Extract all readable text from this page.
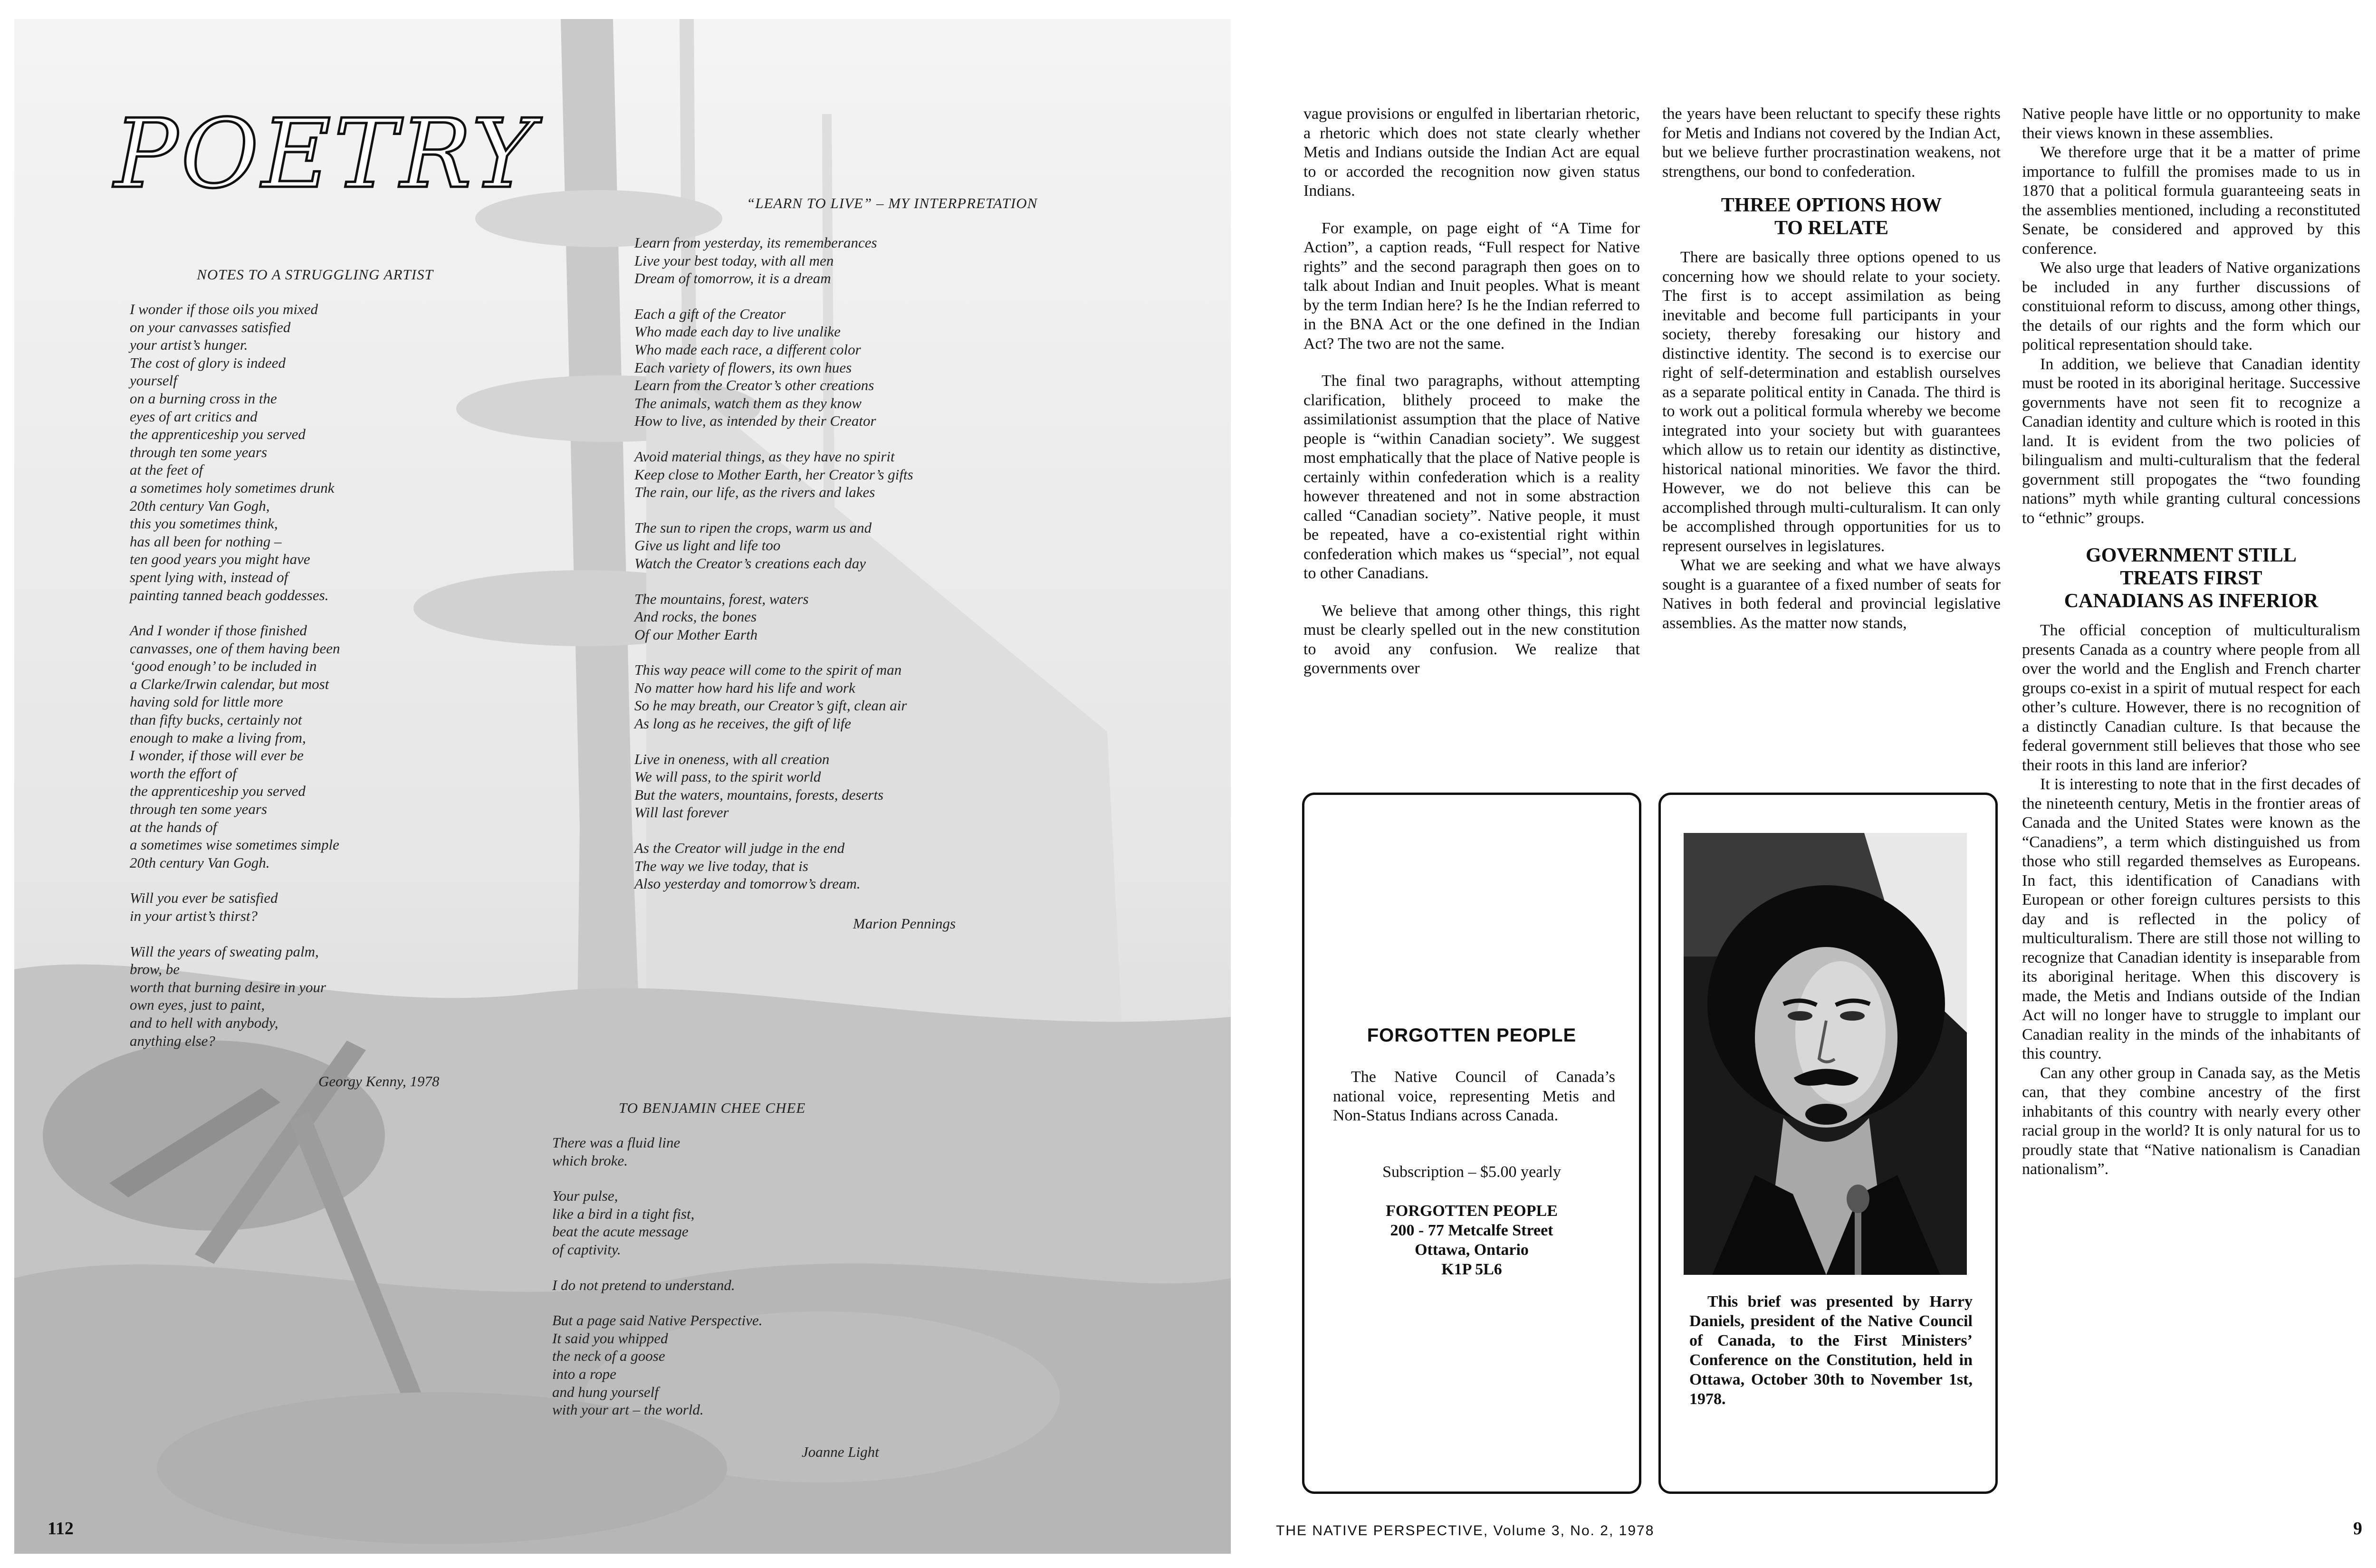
POETRY
NOTES TO A STRUGGLING ARTIST
I wonder if those oils you mixed
on your canvasses satisfied
your artist’s hunger.
The cost of glory is indeed
yourself
on a burning cross in the
eyes of art critics and
the apprenticeship you served
through ten some years
at the feet of
a sometimes holy sometimes drunk
20th century Van Gogh,
this you sometimes think,
has all been for nothing –
ten good years you might have
spent lying with, instead of
painting tanned beach goddesses.
And I wonder if those finished
canvasses, one of them having been
‘good enough’ to be included in
a Clarke/Irwin calendar, but most
having sold for little more
than fifty bucks, certainly not
enough to make a living from,
I wonder, if those will ever be
worth the effort of
the apprenticeship you served
through ten some years
at the hands of
a sometimes wise sometimes simple
20th century Van Gogh.
Will you ever be satisfied
in your artist’s thirst?
Will the years of sweating palm,
brow, be
worth that burning desire in your
own eyes, just to paint,
and to hell with anybody,
anything else?
Georgy Kenny, 1978
“LEARN TO LIVE” – MY INTERPRETATION
Learn from yesterday, its rememberances
Live your best today, with all men
Dream of tomorrow, it is a dream
Each a gift of the Creator
Who made each day to live unalike
Who made each race, a different color
Each variety of flowers, its own hues
Learn from the Creator’s other creations
The animals, watch them as they know
How to live, as intended by their Creator
Avoid material things, as they have no spirit
Keep close to Mother Earth, her Creator’s gifts
The rain, our life, as the rivers and lakes
The sun to ripen the crops, warm us and
Give us light and life too
Watch the Creator’s creations each day
The mountains, forest, waters
And rocks, the bones
Of our Mother Earth
This way peace will come to the spirit of man
No matter how hard his life and work
So he may breath, our Creator’s gift, clean air
As long as he receives, the gift of life
Live in oneness, with all creation
We will pass, to the spirit world
But the waters, mountains, forests, deserts
Will last forever
As the Creator will judge in the end
The way we live today, that is
Also yesterday and tomorrow’s dream.
Marion Pennings
TO BENJAMIN CHEE CHEE
There was a fluid line
which broke.
Your pulse,
like a bird in a tight fist,
beat the acute message
of captivity.
I do not pretend to understand.
But a page said Native Perspective.
It said you whipped
the neck of a goose
into a rope
and hung yourself
with your art – the world.
Joanne Light
112

vague provisions or engulfed in libertarian rhetoric, a rhetoric which does not state clearly whether Metis and Indians outside the Indian Act are equal to or accorded the recognition now given status Indians.

For example, on page eight of “A Time for Action”, a caption reads, “Full respect for Native rights” and the second paragraph then goes on to talk about Indian and Inuit peoples. What is meant by the term Indian here? Is he the Indian referred to in the BNA Act or the one defined in the Indian Act? The two are not the same.

The final two paragraphs, without attempting clarification, blithely proceed to make the assimilationist assumption that the place of Native people is “within Canadian society”. We suggest most emphatically that the place of Native people is certainly within confederation which is a reality however threatened and not in some abstraction called “Canadian society”. Native people, it must be repeated, have a co-existential right within confederation which makes us “special”, not equal to other Canadians.

We believe that among other things, this right must be clearly spelled out in the new constitution to avoid any confusion. We realize that governments over

the years have been reluctant to specify these rights for Metis and Indians not covered by the Indian Act, but we believe further procrastination weakens, not strengthens, our bond to confederation.

THREE OPTIONS HOW TO RELATE

There are basically three options opened to us concerning how we should relate to your society. The first is to accept assimilation as being inevitable and become full participants in your society, thereby foresaking our history and distinctive identity. The second is to exercise our right of self-determination and establish ourselves as a separate political entity in Canada. The third is to work out a political formula whereby we become integrated into your society but with guarantees which allow us to retain our identity as distinctive, historical national minorities. We favor the third. However, we do not believe this can be accomplished through multi-culturalism. It can only be accomplished through opportunities for us to represent ourselves in legislatures.

What we are seeking and what we have always sought is a guarantee of a fixed number of seats for Natives in both federal and provincial legislative assemblies. As the matter now stands,

Native people have little or no opportunity to make their views known in these assemblies.

We therefore urge that it be a matter of prime importance to fulfill the promises made to us in 1870 that a political formula guaranteeing seats in the assemblies mentioned, including a reconstituted Senate, be considered and approved by this conference.

We also urge that leaders of Native organizations be included in any further discussions of constituional reform to discuss, among other things, the details of our rights and the form which our political representation should take.

In addition, we believe that Canadian identity must be rooted in its aboriginal heritage. Successive governments have not seen fit to recognize a Canadian identity and culture which is rooted in this land. It is evident from the two policies of bilingualism and multi-culturalism that the federal government still propogates the “two founding nations” myth while granting cultural concessions to “ethnic” groups.

GOVERNMENT STILL TREATS FIRST CANADIANS AS INFERIOR

The official conception of multiculturalism presents Canada as a country where people from all over the world and the English and French charter groups co-exist in a spirit of mutual respect for each other’s culture. However, there is no recognition of a distinctly Canadian culture. Is that because the federal government still believes that those who see their roots in this land are inferior?

It is interesting to note that in the first decades of the nineteenth century, Metis in the frontier areas of Canada and the United States were known as the “Canadiens”, a term which distinguished us from those who still regarded themselves as Europeans. In fact, this identification of Canadians with European or other foreign cultures persists to this day and is reflected in the policy of multiculturalism. There are still those not willing to recognize that Canadian identity is inseparable from its aboriginal heritage. When this discovery is made, the Metis and Indians outside of the Indian Act will no longer have to struggle to implant our Canadian reality in the minds of the inhabitants of this country.

Can any other group in Canada say, as the Metis can, that they combine ancestry of the first inhabitants of this country with nearly every other racial group in the world? It is only natural for us to proudly state that “Native nationalism is Canadian nationalism”.

FORGOTTEN PEOPLE
The Native Council of Canada’s national voice, representing Metis and Non-Status Indians across Canada.
Subscription – $5.00 yearly
FORGOTTEN PEOPLE
200 - 77 Metcalfe Street
Ottawa, Ontario
K1P 5L6
This brief was presented by Harry Daniels, president of the Native Council of Canada, to the First Ministers’ Conference on the Constitution, held in Ottawa, October 30th to November 1st, 1978.
THE NATIVE PERSPECTIVE, Volume 3, No. 2, 1978	9
